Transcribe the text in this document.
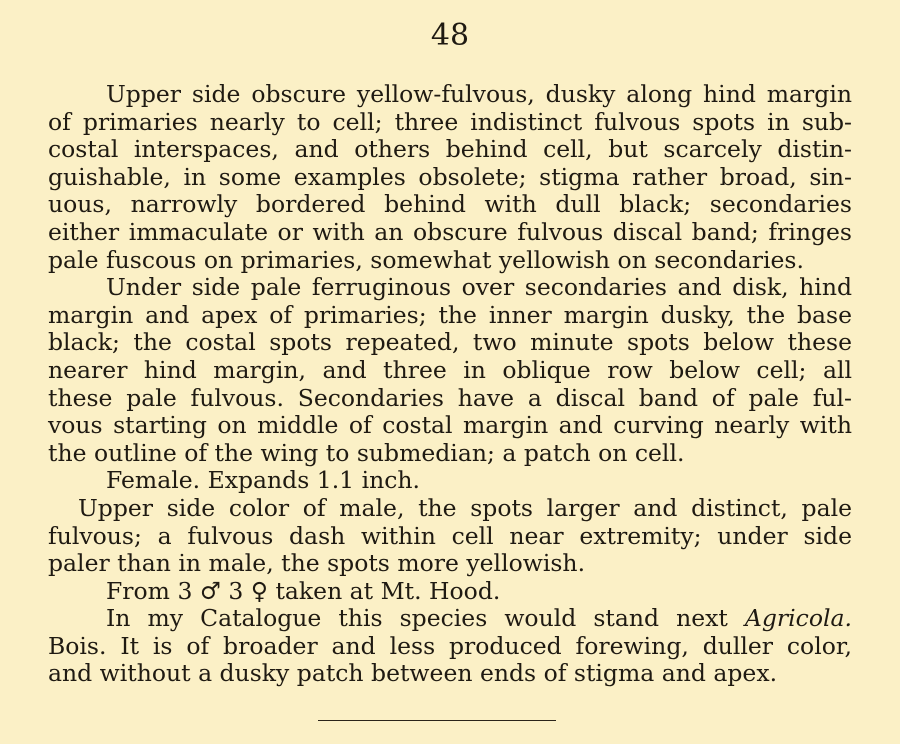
48
Upper side obscure yellow-fulvous, dusky along hind margin
of primaries nearly to cell; three indistinct fulvous spots in sub-
costal interspaces, and others behind cell, but scarcely distin-
guishable, in some examples obsolete; stigma rather broad, sin-
uous, narrowly bordered behind with dull black; secondaries
either immaculate or with an obscure fulvous discal band; fringes
pale fuscous on primaries, somewhat yellowish on secondaries.
Under side pale ferruginous over secondaries and disk, hind
margin and apex of primaries; the inner margin dusky, the base
black; the costal spots repeated, two minute spots below these
nearer hind margin, and three in oblique row below cell; all
these pale fulvous. Secondaries have a discal band of pale ful-
vous starting on middle of costal margin and curving nearly with
the outline of the wing to submedian; a patch on cell.
Female. Expands 1.1 inch.
Upper side color of male, the spots larger and distinct, pale
fulvous; a fulvous dash within cell near extremity; under side
paler than in male, the spots more yellowish.
From 3 ♂ 3 ♀ taken at Mt. Hood.
In my Catalogue this species would stand next Agricola.
Bois. It is of broader and less produced forewing, duller color,
and without a dusky patch between ends of stigma and apex.
